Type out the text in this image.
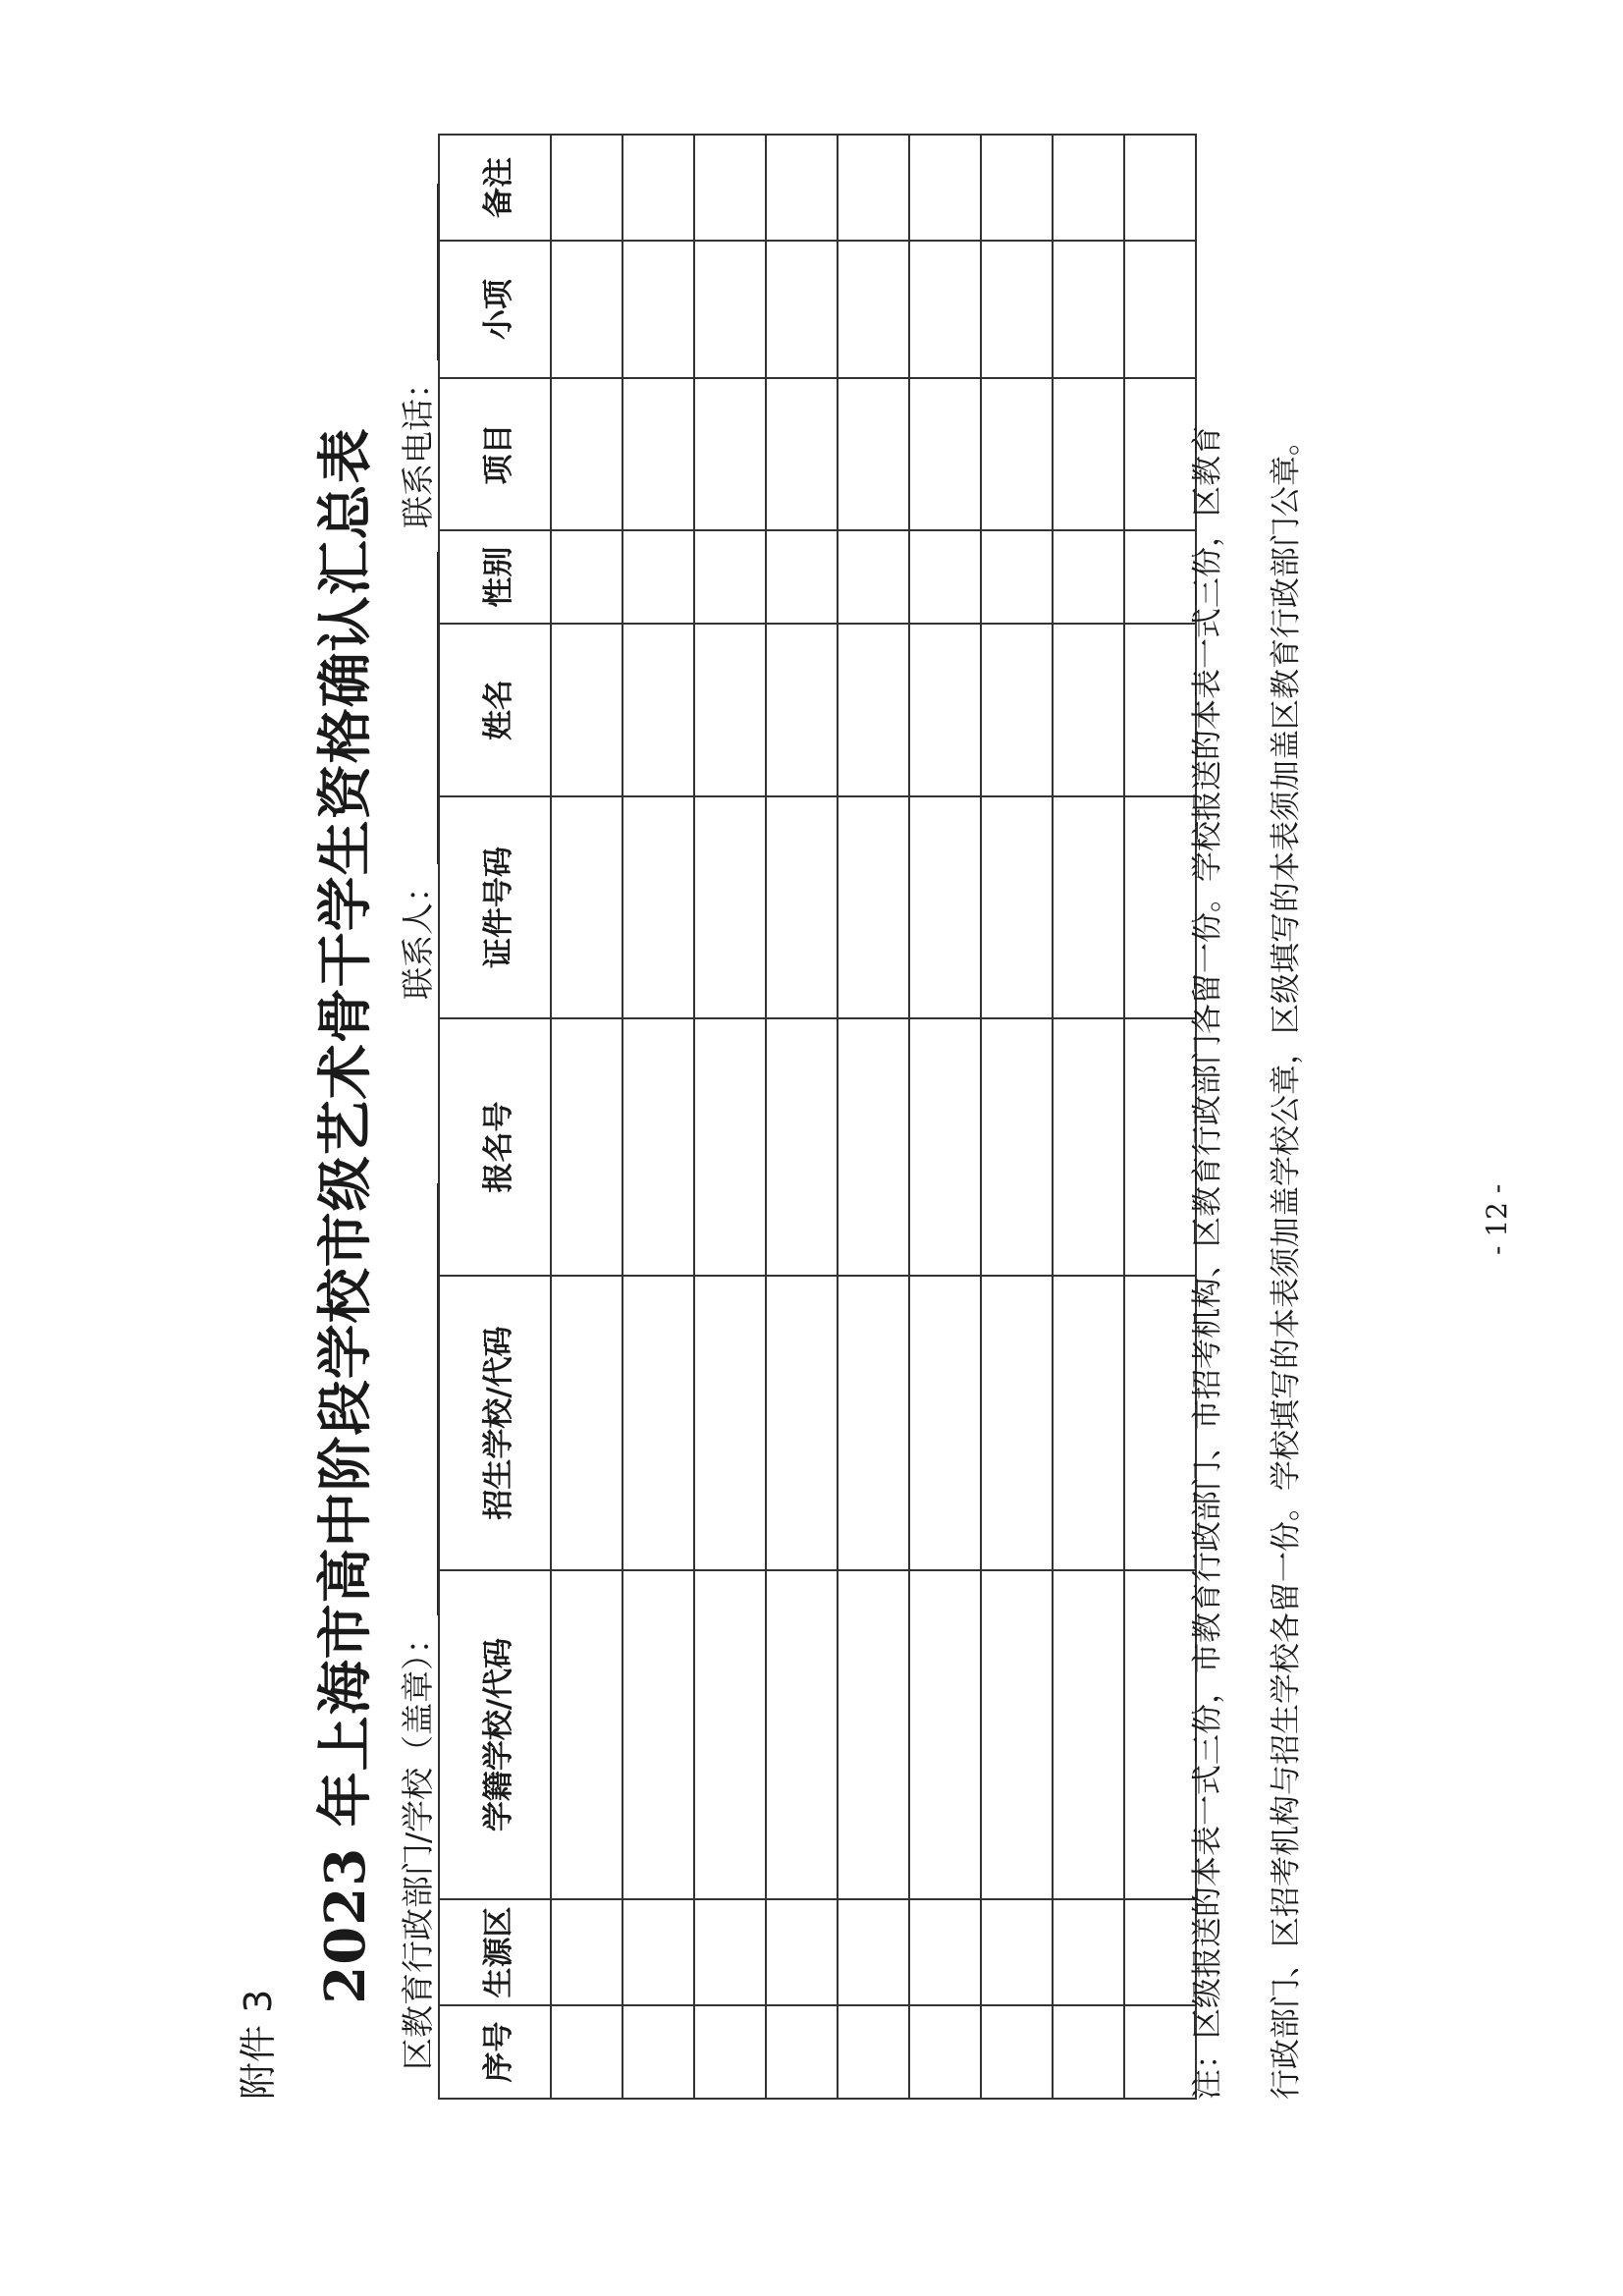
附件 3
2023 年上海市高中阶段学校市级艺术骨干学生资格确认汇总表 区教育行政部门/学校（盖章）：
联系人：
联系电话：
序号	生源区	学籍学校/代码	招生学校/代码	报名号	证件号码	姓名	性别	项目	小项	备注

注：区级报送的本表一式三份，市教育行政部门、市招考机构、区教育行政部门各留一份。学校报送的本表一式三份，区教育 行政部门、区招考机构与招生学校各留一份。学校填写的本表须加盖学校公章，区级填写的本表须加盖区教育行政部门公章。	- 12 -
